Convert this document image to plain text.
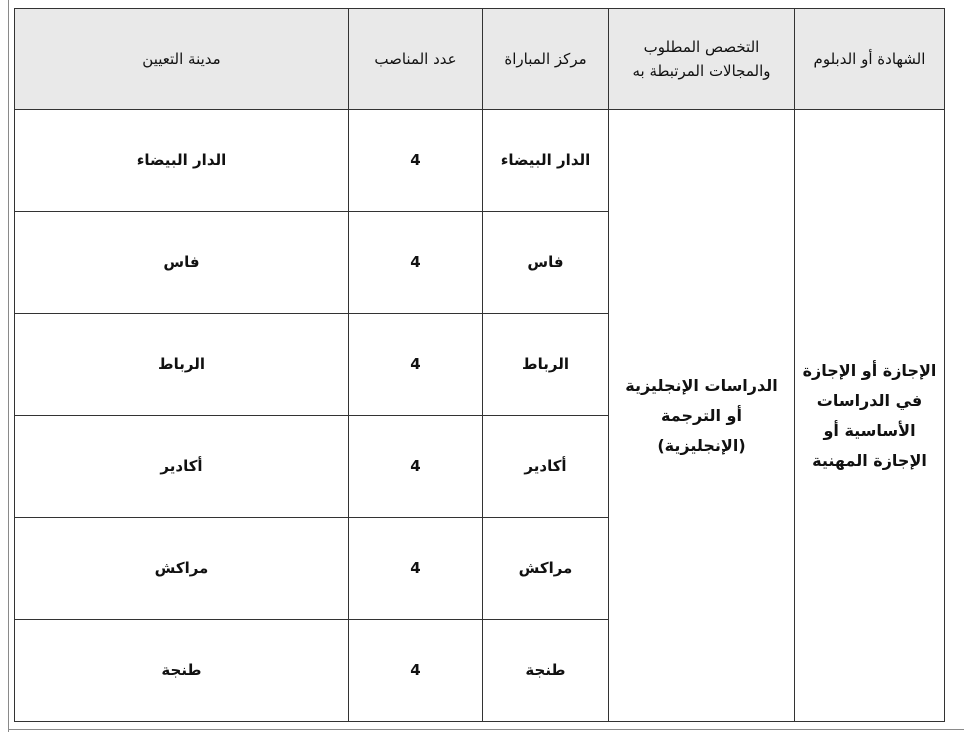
الشهادة أو الدبلوم	التخصص المطلوب والمجالات المرتبطة به	مركز المباراة	عدد المناصب	مدينة التعيين
الإجازة أو الإجازة في الدراسات الأساسية أو الإجازة المهنية	الدراسات الإنجليزية أو الترجمة (الإنجليزية)	الدار البيضاء	4	الدار البيضاء
		فاس	4	فاس
		الرباط	4	الرباط
		أكادير	4	أكادير
		مراكش	4	مراكش
		طنجة	4	طنجة
